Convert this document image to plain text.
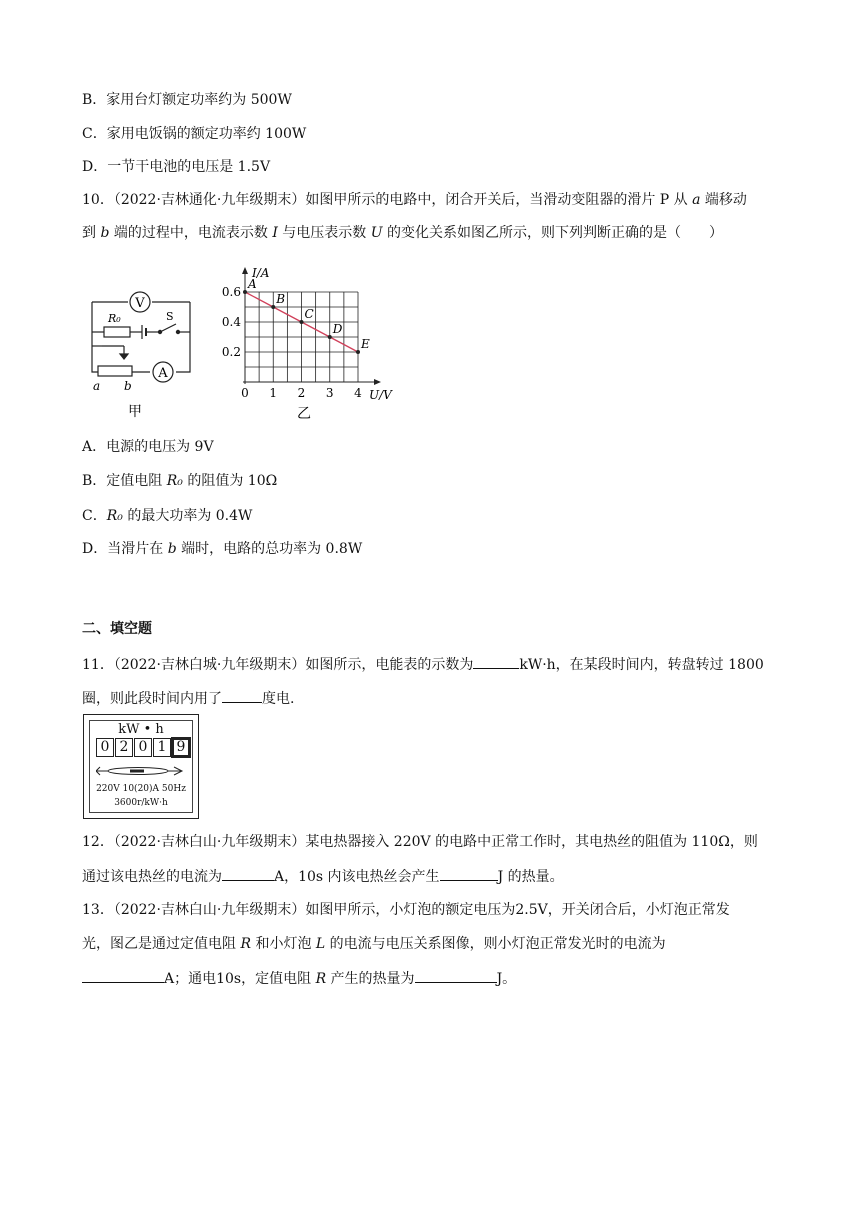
B．家用台灯额定功率约为 500W
C．家用电饭锅的额定功率约 100W
D．一节干电池的电压是 1.5V
10．（2022·吉林通化·九年级期末）如图甲所示的电路中，闭合开关后，当滑动变阻器的滑片 P 从 a 端移动
到 b 端的过程中，电流表示数 I 与电压表示数 U 的变化关系如图乙所示，则下列判断正确的是（　　）
V
A
R₀	S
a b
甲
0 1 2 3 4
0.2
0.4
0.6
A
B
C
D
E
I/A
U/V
乙
A．电源的电压为 9V
B．定值电阻 R₀ 的阻值为 10Ω
C．R₀ 的最大功率为 0.4W
D．当滑片在 b 端时，电路的总功率为 0.8W
二、填空题
11．（2022·吉林白城·九年级期末）如图所示，电能表的示数为	kW·h，在某段时间内，转盘转过 1800
圈，则此段时间内用了	度电.
kW • h
0 2 0 1 9
220V 10(20)A 50Hz
3600r/kW·h
12．（2022·吉林白山·九年级期末）某电热器接入 220V 的电路中正常工作时，其电热丝的阻值为 110Ω，则
通过该电热丝的电流为	A，10s 内该电热丝会产生	J 的热量。
13．（2022·吉林白山·九年级期末）如图甲所示，小灯泡的额定电压为2.5V，开关闭合后，小灯泡正常发
光，图乙是通过定值电阻 R 和小灯泡 L 的电流与电压关系图像，则小灯泡正常发光时的电流为
A；通电10s，定值电阻 R 产生的热量为	J。
